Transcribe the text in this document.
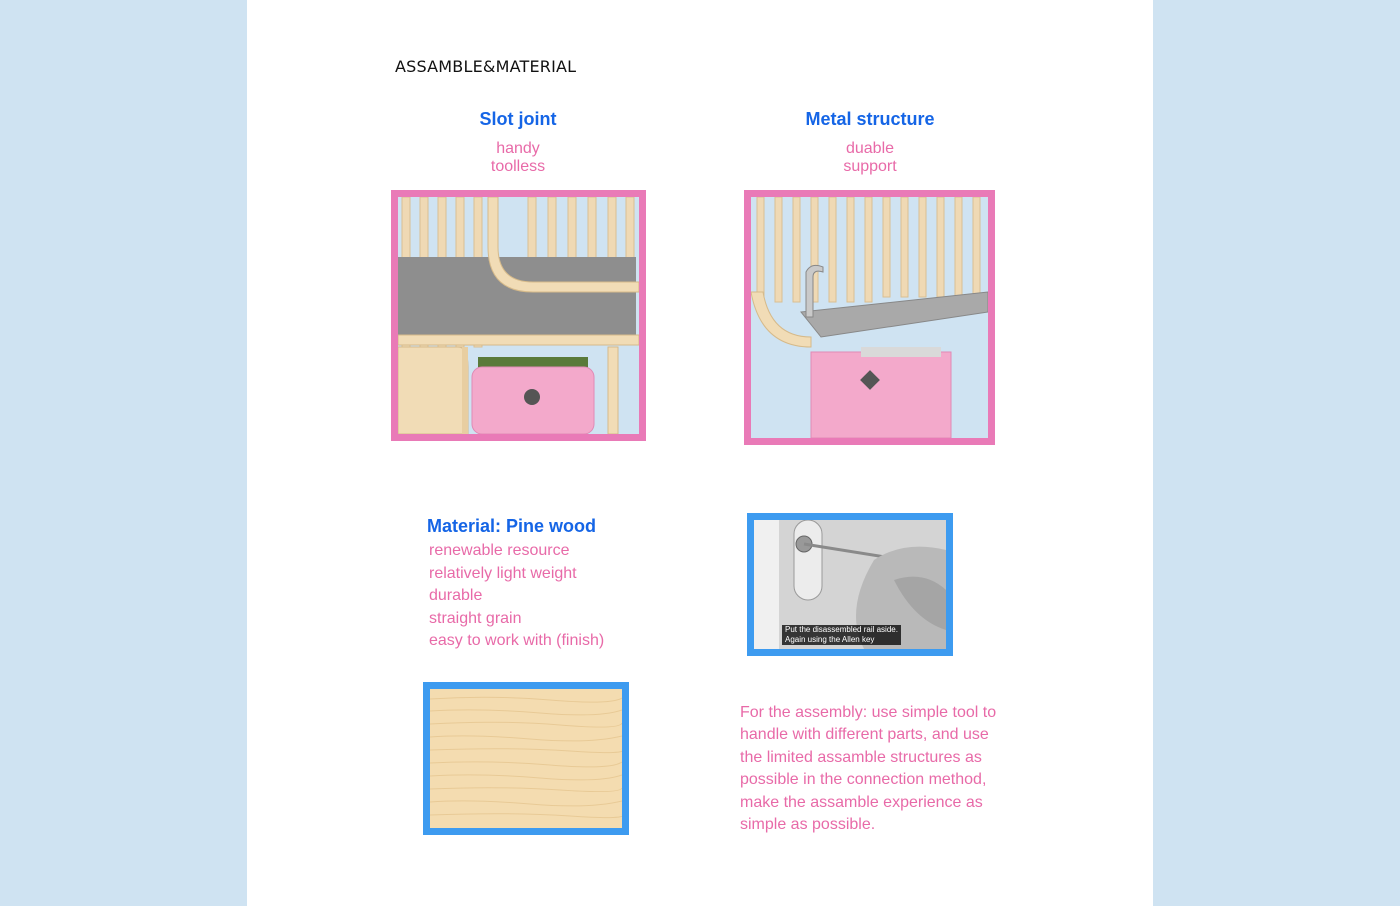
ASSAMBLE&MATERIAL
Slot joint
handy
toolless
Metal structure
duable
support
Material: Pine wood
renewable resource
relatively light weight
durable
straight grain
easy to work with (finish)
Put the disassembled rail aside.
Again using the Allen key
For the assembly: use simple tool to handle with different parts, and use the limited assamble structures as possible in the connection method, make the assamble experience as simple as possible.
